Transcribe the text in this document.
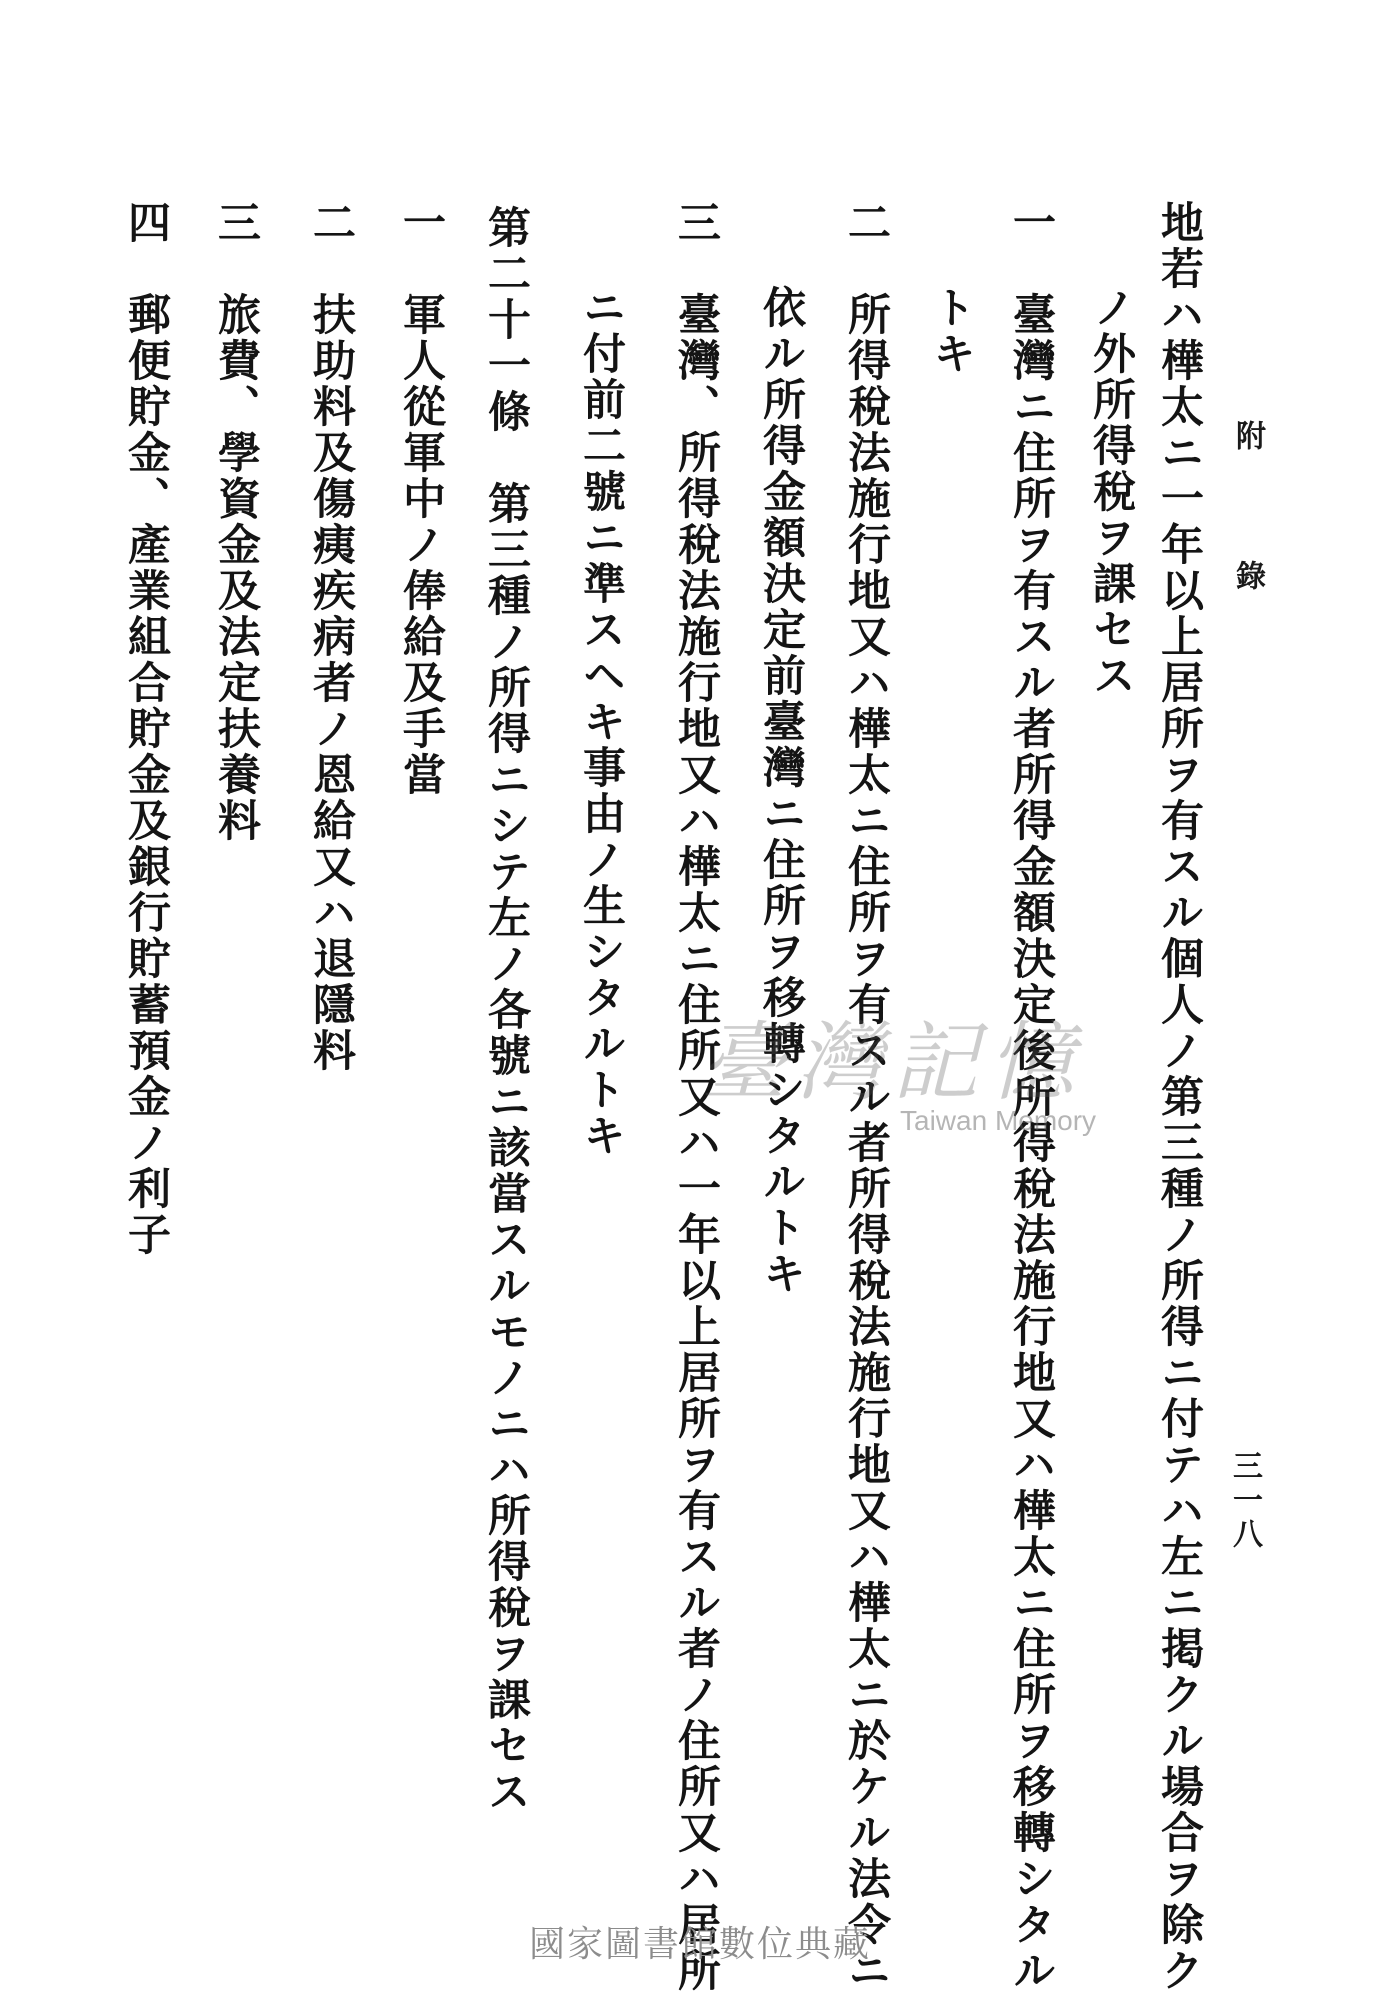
附錄
三一八
地若ハ樺太ニ一年以上居所ヲ有スル個人ノ第三種ノ所得ニ付テハ左ニ掲クル場合ヲ除ク
ノ外所得稅ヲ課セス
一　臺灣ニ住所ヲ有スル者所得金額決定後所得稅法施行地又ハ樺太ニ住所ヲ移轉シタル
トキ
二　所得稅法施行地又ハ樺太ニ住所ヲ有スル者所得稅法施行地又ハ樺太ニ於ケル法令ニ
依ル所得金額決定前臺灣ニ住所ヲ移轉シタルトキ
三　臺灣、所得稅法施行地又ハ樺太ニ住所又ハ一年以上居所ヲ有スル者ノ住所又ハ居所
ニ付前二號ニ準スヘキ事由ノ生シタルトキ
第二十一條　第三種ノ所得ニシテ左ノ各號ニ該當スルモノニハ所得稅ヲ課セス
一　軍人從軍中ノ俸給及手當
二　扶助料及傷痍疾病者ノ恩給又ハ退隱料
三　旅費、學資金及法定扶養料
四　郵便貯金、產業組合貯金及銀行貯蓄預金ノ利子	臺灣記憶
Taiwan Memory
國家圖書館數位典藏
